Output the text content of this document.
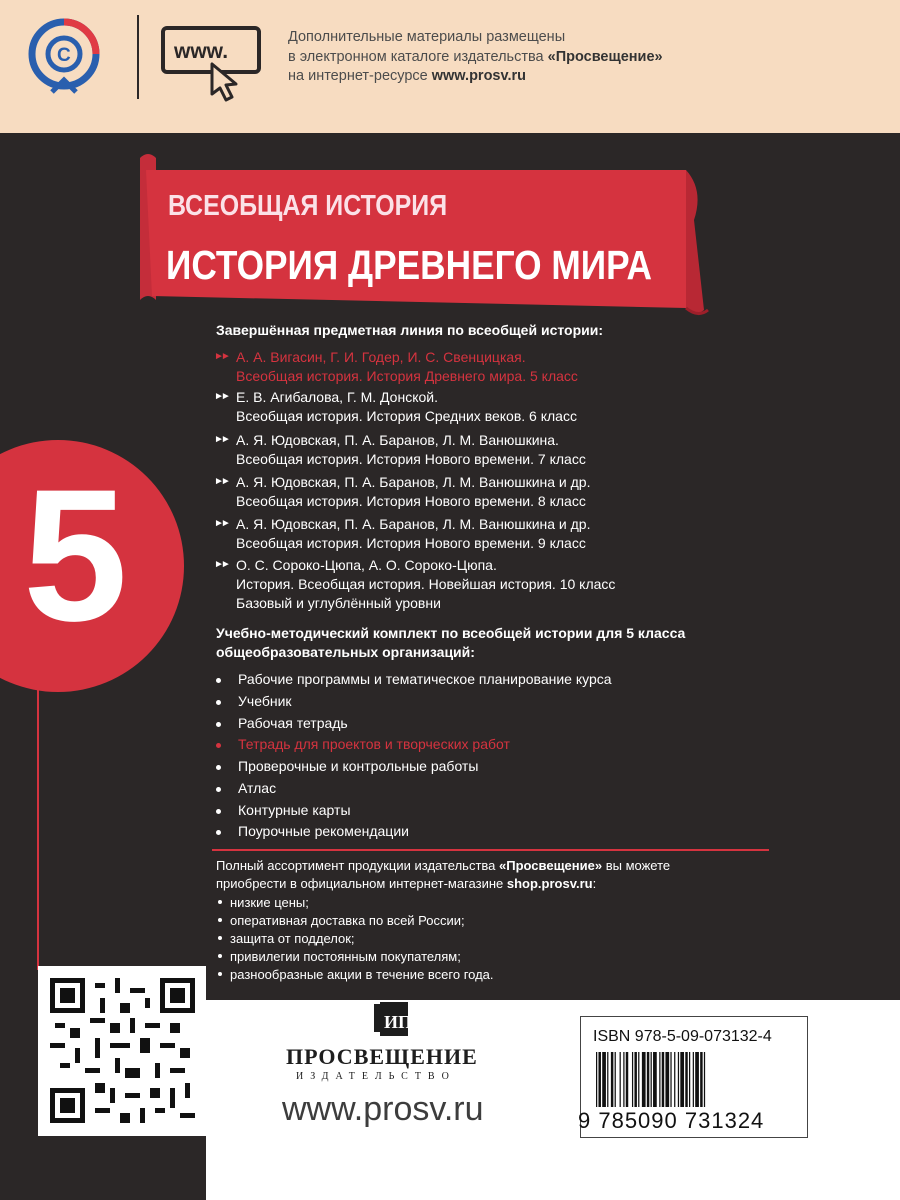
C	www.
Дополнительные материалы размещены
в электронном каталоге издательства «Просвещение»
на интернет-ресурсе www.prosv.ru
ВСЕОБЩАЯ ИСТОРИЯ
ИСТОРИЯ ДРЕВНЕГО МИРА
5
Завершённая предметная линия по всеобщей истории:
►► А. А. Вигасин, Г. И. Годер, И. С. Свенцицкая.
Всеобщая история. История Древнего мира. 5 класс
►► Е. В. Агибалова, Г. М. Донской.
Всеобщая история. История Средних веков. 6 класс
►► А. Я. Юдовская, П. А. Баранов, Л. М. Ванюшкина.
Всеобщая история. История Нового времени. 7 класс
►► А. Я. Юдовская, П. А. Баранов, Л. М. Ванюшкина и др.
Всеобщая история. История Нового времени. 8 класс
►► А. Я. Юдовская, П. А. Баранов, Л. М. Ванюшкина и др.
Всеобщая история. История Нового времени. 9 класс
►► О. С. Сороко-Цюпа, А. О. Сороко-Цюпа.
История. Всеобщая история. Новейшая история. 10 класс
Базовый и углублённый уровни
Учебно-методический комплект по всеобщей истории для 5 класса
общеобразовательных организаций:
Рабочие программы и тематическое планирование курса
Учебник
Рабочая тетрадь
Тетрадь для проектов и творческих работ
Проверочные и контрольные работы
Атлас
Контурные карты
Поурочные рекомендации
Полный ассортимент продукции издательства «Просвещение» вы можете
приобрести в официальном интернет-магазине shop.prosv.ru:
низкие цены;
оперативная доставка по всей России;
защита от подделок;
привилегии постоянным покупателям;
разнообразные акции в течение всего года.
ИП
ПРОСВЕЩЕНИЕ
ИЗДАТЕЛЬСТВО
www.prosv.ru
ISBN 978-5-09-073132-4
9 785090 731324
